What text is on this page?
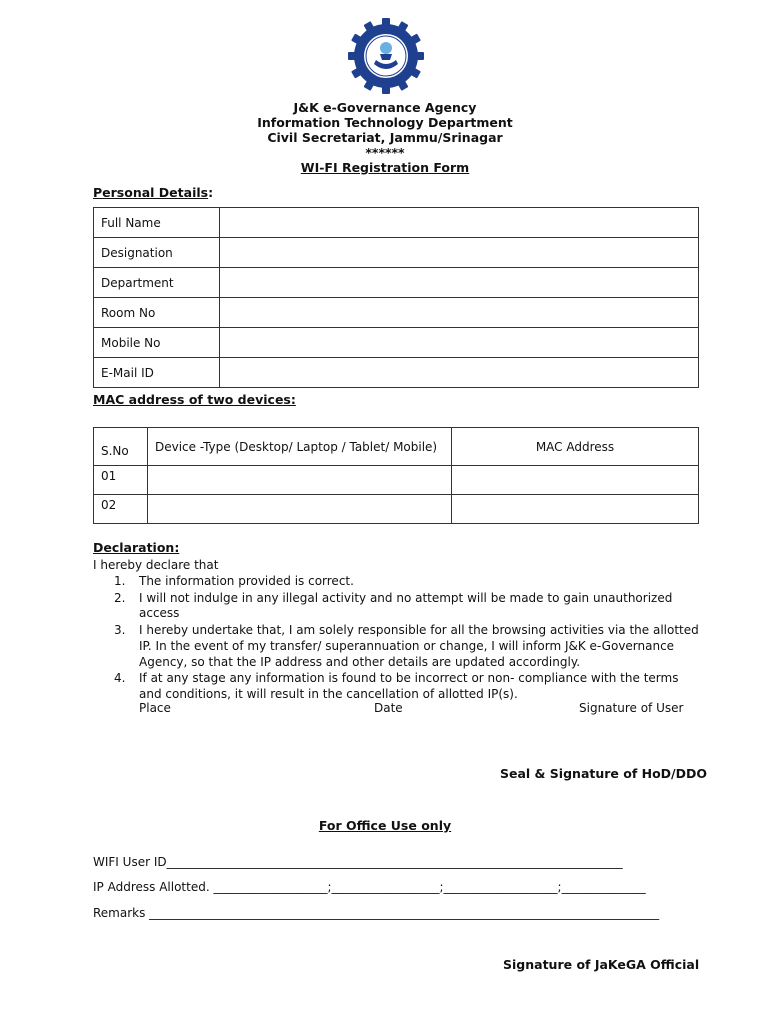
J&K e-Governance Agency
Information Technology Department
Civil Secretariat, Jammu/Srinagar
******
WI-FI Registration Form
Personal Details:
Full Name	
Designation	
Department	
Room No	
Mobile No	
E-Mail ID	
MAC address of two devices:
S.No	Device -Type (Desktop/ Laptop / Tablet/ Mobile)	MAC Address
01		
02		
Declaration:
I hereby declare that
1.	The information provided is correct.
2.	I will not indulge in any illegal activity and no attempt will be made to gain unauthorized access
3.	I hereby undertake that, I am solely responsible for all the browsing activities via the allotted IP. In the event of my transfer/ superannuation or change, I will inform J&K e-Governance Agency, so that the IP address and other details are updated accordingly.
4.	If at any stage any information is found to be incorrect or non- compliance with the terms and conditions, it will result in the cancellation of allotted IP(s).
Place	Date	Signature of User
Seal & Signature of HoD/DDO
For Office Use only
WIFI User ID____________________________________________________________________________
IP Address Allotted. ___________________;__________________;___________________;______________
Remarks _____________________________________________________________________________________
Signature of JaKeGA Official
